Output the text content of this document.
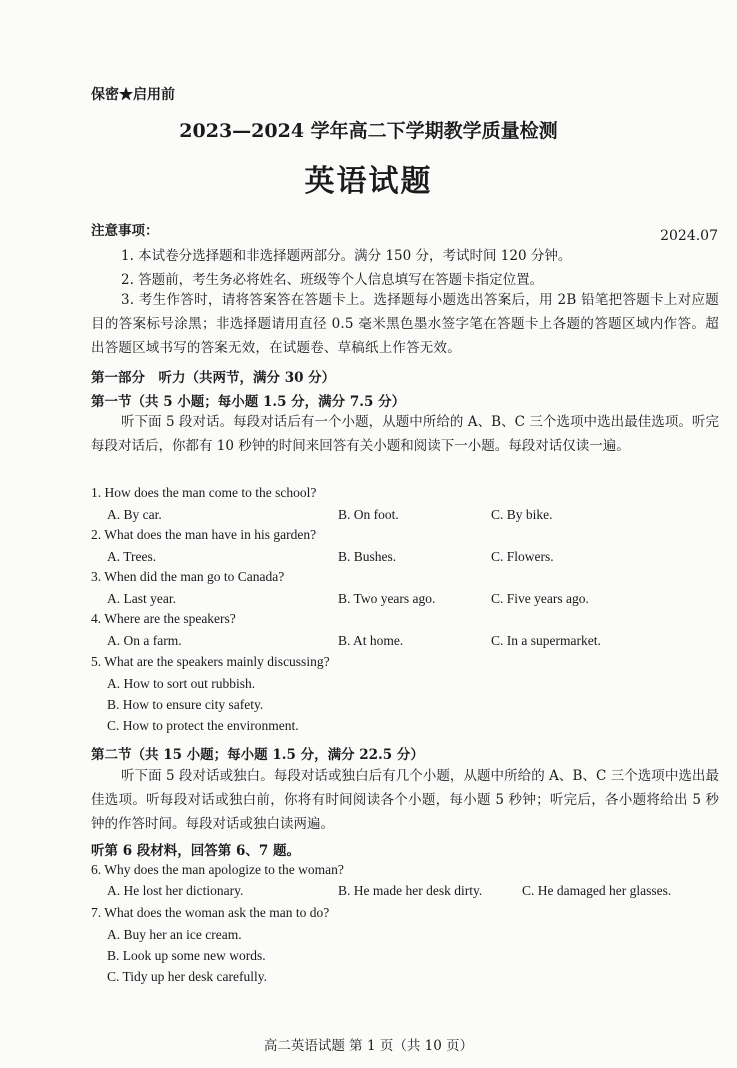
保密★启用前
2023—2024 学年高二下学期教学质量检测
英语试题
2024.07
注意事项：
1. 本试卷分选择题和非选择题两部分。满分 150 分，考试时间 120 分钟。
2. 答题前，考生务必将姓名、班级等个人信息填写在答题卡指定位置。
3. 考生作答时，请将答案答在答题卡上。选择题每小题选出答案后，用 2B 铅笔把答题卡上对应题目的答案标号涂黑；非选择题请用直径 0.5 毫米黑色墨水签字笔在答题卡上各题的答题区域内作答。超出答题区域书写的答案无效，在试题卷、草稿纸上作答无效。
第一部分　听力（共两节，满分 30 分）
第一节（共 5 小题；每小题 1.5 分，满分 7.5 分）
听下面 5 段对话。每段对话后有一个小题，从题中所给的 A、B、C 三个选项中选出最佳选项。听完每段对话后，你都有 10 秒钟的时间来回答有关小题和阅读下一小题。每段对话仅读一遍。
1. How does the man come to the school?
A. By car.	B. On foot.	C. By bike.
2. What does the man have in his garden?
A. Trees.	B. Bushes.	C. Flowers.
3. When did the man go to Canada?
A. Last year.	B. Two years ago.	C. Five years ago.
4. Where are the speakers?
A. On a farm.	B. At home.	C. In a supermarket.
5. What are the speakers mainly discussing?
A. How to sort out rubbish.
B. How to ensure city safety.
C. How to protect the environment.
第二节（共 15 小题；每小题 1.5 分，满分 22.5 分）
听下面 5 段对话或独白。每段对话或独白后有几个小题，从题中所给的 A、B、C 三个选项中选出最佳选项。听每段对话或独白前，你将有时间阅读各个小题，每小题 5 秒钟；听完后，各小题将给出 5 秒钟的作答时间。每段对话或独白读两遍。
听第 6 段材料，回答第 6、7 题。
6. Why does the man apologize to the woman?
A. He lost her dictionary.	B. He made her desk dirty.	C. He damaged her glasses.
7. What does the woman ask the man to do?
A. Buy her an ice cream.
B. Look up some new words.
C. Tidy up her desk carefully.
高二英语试题 第 1 页（共 10 页）
